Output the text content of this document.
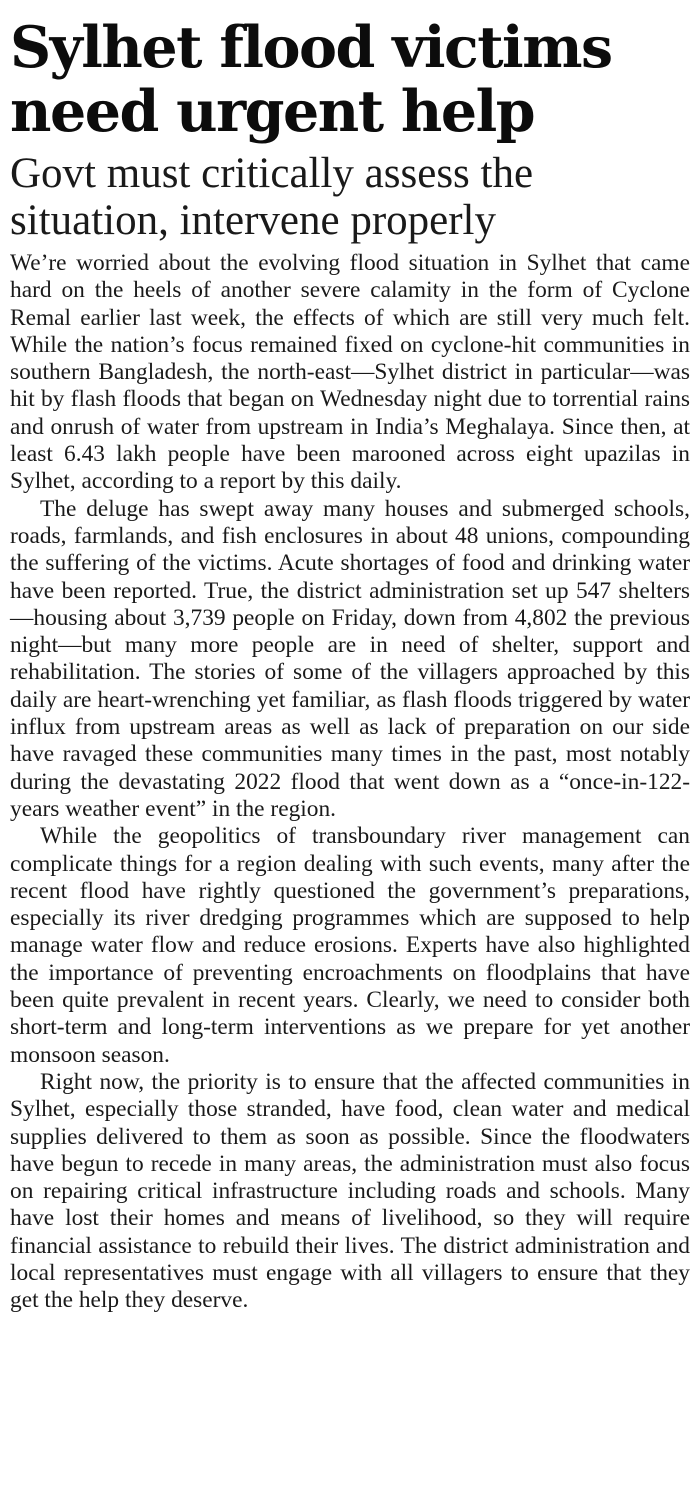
Sylhet flood victims need urgent help
Govt must critically assess the situation, intervene properly

We’re worried about the evolving flood situation in Sylhet that came hard on the heels of another severe calamity in the form of Cyclone Remal earlier last week, the effects of which are still very much felt. While the nation’s focus remained fixed on cyclone-hit communities in southern Bangladesh, the north-east—Sylhet district in particular—was hit by flash floods that began on Wednesday night due to torrential rains and onrush of water from upstream in India’s Meghalaya. Since then, at least 6.43 lakh people have been marooned across eight upazilas in Sylhet, according to a report by this daily.

The deluge has swept away many houses and submerged schools, roads, farmlands, and fish enclosures in about 48 unions, compounding the suffering of the victims. Acute shortages of food and drinking water have been reported. True, the district administration set up 547 shelters—housing about 3,739 people on Friday, down from 4,802 the previous night—but many more people are in need of shelter, support and rehabilitation. The stories of some of the villagers approached by this daily are heart-wrenching yet familiar, as flash floods triggered by water influx from upstream areas as well as lack of preparation on our side have ravaged these communities many times in the past, most notably during the devastating 2022 flood that went down as a “once-in-122-years weather event” in the region.

While the geopolitics of transboundary river management can complicate things for a region dealing with such events, many after the recent flood have rightly questioned the government’s preparations, especially its river dredging programmes which are supposed to help manage water flow and reduce erosions. Experts have also highlighted the importance of preventing encroachments on floodplains that have been quite prevalent in recent years. Clearly, we need to consider both short-term and long-term interventions as we prepare for yet another monsoon season.

Right now, the priority is to ensure that the affected communities in Sylhet, especially those stranded, have food, clean water and medical supplies delivered to them as soon as possible. Since the floodwaters have begun to recede in many areas, the administration must also focus on repairing critical infrastructure including roads and schools. Many have lost their homes and means of livelihood, so they will require financial assistance to rebuild their lives. The district administration and local representatives must engage with all villagers to ensure that they get the help they deserve.
